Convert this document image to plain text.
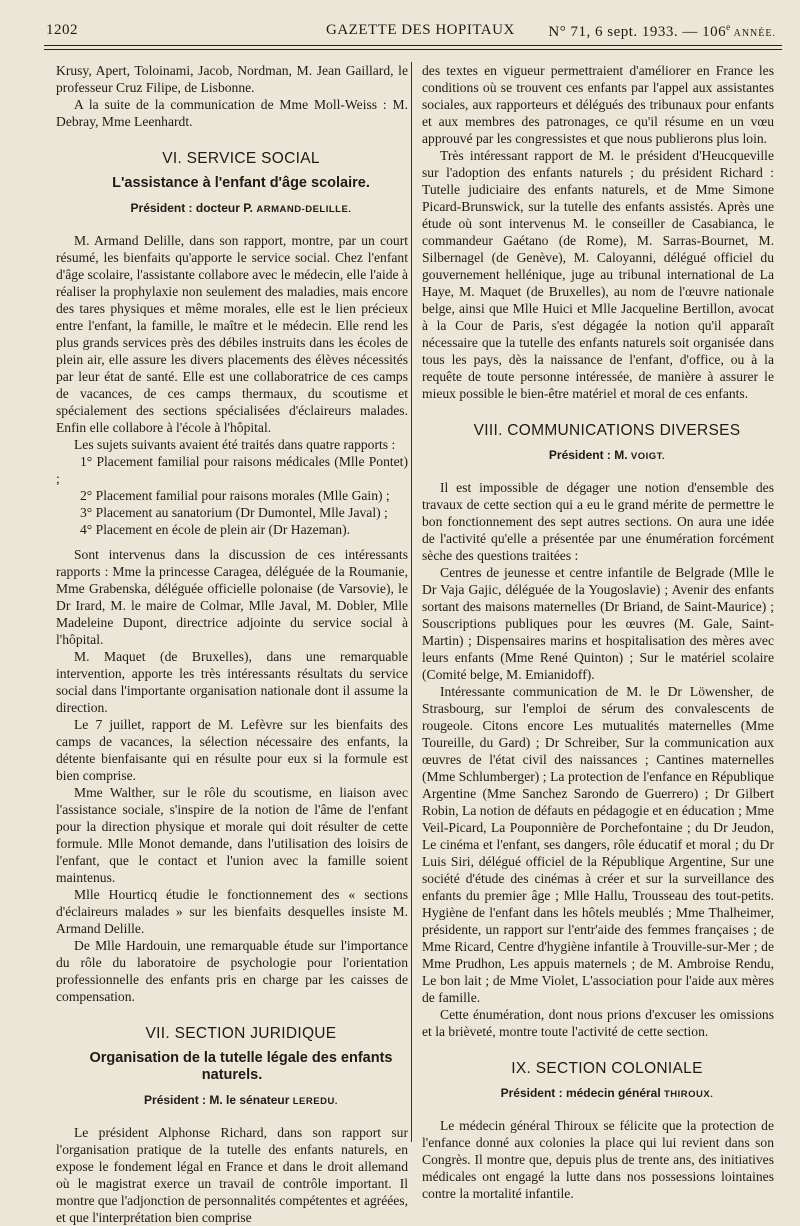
1202	GAZETTE DES HOPITAUX N° 71, 6 sept. 1933. — 106e ANNÉE.

Krusy, Apert, Toloinami, Jacob, Nordman, M. Jean Gaillard, le professeur Cruz Filipe, de Lisbonne.

A la suite de la communication de Mme Moll-Weiss : M. Debray, Mme Leenhardt.

VI. SERVICE SOCIAL

L'assistance à l'enfant d'âge scolaire.

Président : docteur P. ARMAND-DELILLE.

M. Armand Delille, dans son rapport, montre, par un court résumé, les bienfaits qu'apporte le service social. Chez l'enfant d'âge scolaire, l'assistante collabore avec le médecin, elle l'aide à réaliser la prophylaxie non seulement des maladies, mais encore des tares physiques et même morales, elle est le lien précieux entre l'enfant, la famille, le maître et le médecin. Elle rend les plus grands services près des débiles instruits dans les écoles de plein air, elle assure les divers placements des élèves nécessités par leur état de santé. Elle est une collaboratrice de ces camps de vacances, de ces camps thermaux, du scoutisme et spécialement des sections spécialisées d'éclaireurs malades. Enfin elle collabore à l'école à l'hôpital.

Les sujets suivants avaient été traités dans quatre rapports :

1° Placement familial pour raisons médicales (Mlle Pontet) ;

2° Placement familial pour raisons morales (Mlle Gain) ;

3° Placement au sanatorium (Dr Dumontel, Mlle Javal) ;

4° Placement en école de plein air (Dr Hazeman).

Sont intervenus dans la discussion de ces intéressants rapports : Mme la princesse Caragea, déléguée de la Roumanie, Mme Grabenska, déléguée officielle polonaise (de Varsovie), le Dr Irard, M. le maire de Colmar, Mlle Javal, M. Dobler, Mlle Madeleine Dupont, directrice adjointe du service social à l'hôpital.

M. Maquet (de Bruxelles), dans une remarquable intervention, apporte les très intéressants résultats du service social dans l'importante organisation nationale dont il assume la direction.

Le 7 juillet, rapport de M. Lefèvre sur les bienfaits des camps de vacances, la sélection nécessaire des enfants, la détente bienfaisante qui en résulte pour eux si la formule est bien comprise.

Mme Walther, sur le rôle du scoutisme, en liaison avec l'assistance sociale, s'inspire de la notion de l'âme de l'enfant pour la direction physique et morale qui doit résulter de cette formule. Mlle Monot demande, dans l'utilisation des loisirs de l'enfant, que le contact et l'union avec la famille soient maintenus.

Mlle Hourticq étudie le fonctionnement des « sections d'éclaireurs malades » sur les bienfaits desquelles insiste M. Armand Delille.

De Mlle Hardouin, une remarquable étude sur l'importance du rôle du laboratoire de psychologie pour l'orientation professionnelle des enfants pris en charge par les caisses de compensation.

VII. SECTION JURIDIQUE

Organisation de la tutelle légale des enfants naturels.

Président : M. le sénateur LEREDU.

Le président Alphonse Richard, dans son rapport sur l'organisation pratique de la tutelle des enfants naturels, en expose le fondement légal en France et dans le droit allemand où le magistrat exerce un travail de contrôle important. Il montre que l'adjonction de personnalités compétentes et agréées, et que l'interprétation bien comprise

des textes en vigueur permettraient d'améliorer en France les conditions où se trouvent ces enfants par l'appel aux assistantes sociales, aux rapporteurs et délégués des tribunaux pour enfants et aux membres des patronages, ce qu'il résume en un vœu approuvé par les congressistes et que nous publierons plus loin.

Très intéressant rapport de M. le président d'Heucqueville sur l'adoption des enfants naturels ; du président Richard : Tutelle judiciaire des enfants naturels, et de Mme Simone Picard-Brunswick, sur la tutelle des enfants assistés. Après une étude où sont intervenus M. le conseiller de Casabianca, le commandeur Gaétano (de Rome), M. Sarras-Bournet, M. Silbernagel (de Genève), M. Caloyanni, délégué officiel du gouvernement hellénique, juge au tribunal international de La Haye, M. Maquet (de Bruxelles), au nom de l'œuvre nationale belge, ainsi que Mlle Huici et Mlle Jacqueline Bertillon, avocat à la Cour de Paris, s'est dégagée la notion qu'il apparaît nécessaire que la tutelle des enfants naturels soit organisée dans tous les pays, dès la naissance de l'enfant, d'office, ou à la requête de toute personne intéressée, de manière à assurer le mieux possible le bien-être matériel et moral de ces enfants.

VIII. COMMUNICATIONS DIVERSES

Président : M. VOIGT.

Il est impossible de dégager une notion d'ensemble des travaux de cette section qui a eu le grand mérite de permettre le bon fonctionnement des sept autres sections. On aura une idée de l'activité qu'elle a présentée par une énumération forcément sèche des questions traitées :

Centres de jeunesse et centre infantile de Belgrade (Mlle le Dr Vaja Gajic, déléguée de la Yougoslavie) ; Avenir des enfants sortant des maisons maternelles (Dr Briand, de Saint-Maurice) ; Souscriptions publiques pour les œuvres (M. Gale, Saint-Martin) ; Dispensaires marins et hospitalisation des mères avec leurs enfants (Mme René Quinton) ; Sur le matériel scolaire (Comité belge, M. Emianidoff).

Intéressante communication de M. le Dr Löwensher, de Strasbourg, sur l'emploi de sérum des convalescents de rougeole. Citons encore Les mutualités maternelles (Mme Toureille, du Gard) ; Dr Schreiber, Sur la communication aux œuvres de l'état civil des naissances ; Cantines maternelles (Mme Schlumberger) ; La protection de l'enfance en République Argentine (Mme Sanchez Sarondo de Guerrero) ; Dr Gilbert Robin, La notion de défauts en pédagogie et en éducation ; Mme Veil-Picard, La Pouponnière de Porchefontaine ; du Dr Jeudon, Le cinéma et l'enfant, ses dangers, rôle éducatif et moral ; du Dr Luis Siri, délégué officiel de la République Argentine, Sur une société d'étude des cinémas à créer et sur la surveillance des enfants du premier âge ; Mlle Hallu, Trousseau des tout-petits. Hygiène de l'enfant dans les hôtels meublés ; Mme Thalheimer, présidente, un rapport sur l'entr'aide des femmes françaises ; de Mme Ricard, Centre d'hygiène infantile à Trouville-sur-Mer ; de Mme Prudhon, Les appuis maternels ; de M. Ambroise Rendu, Le bon lait ; de Mme Violet, L'association pour l'aide aux mères de famille.

Cette énumération, dont nous prions d'excuser les omissions et la brièveté, montre toute l'activité de cette section.

IX. SECTION COLONIALE

Président : médecin général THIROUX.

Le médecin général Thiroux se félicite que la protection de l'enfance donné aux colonies la place qui lui revient dans son Congrès. Il montre que, depuis plus de trente ans, des initiatives médicales ont engagé la lutte dans nos possessions lointaines contre la mortalité infantile.
